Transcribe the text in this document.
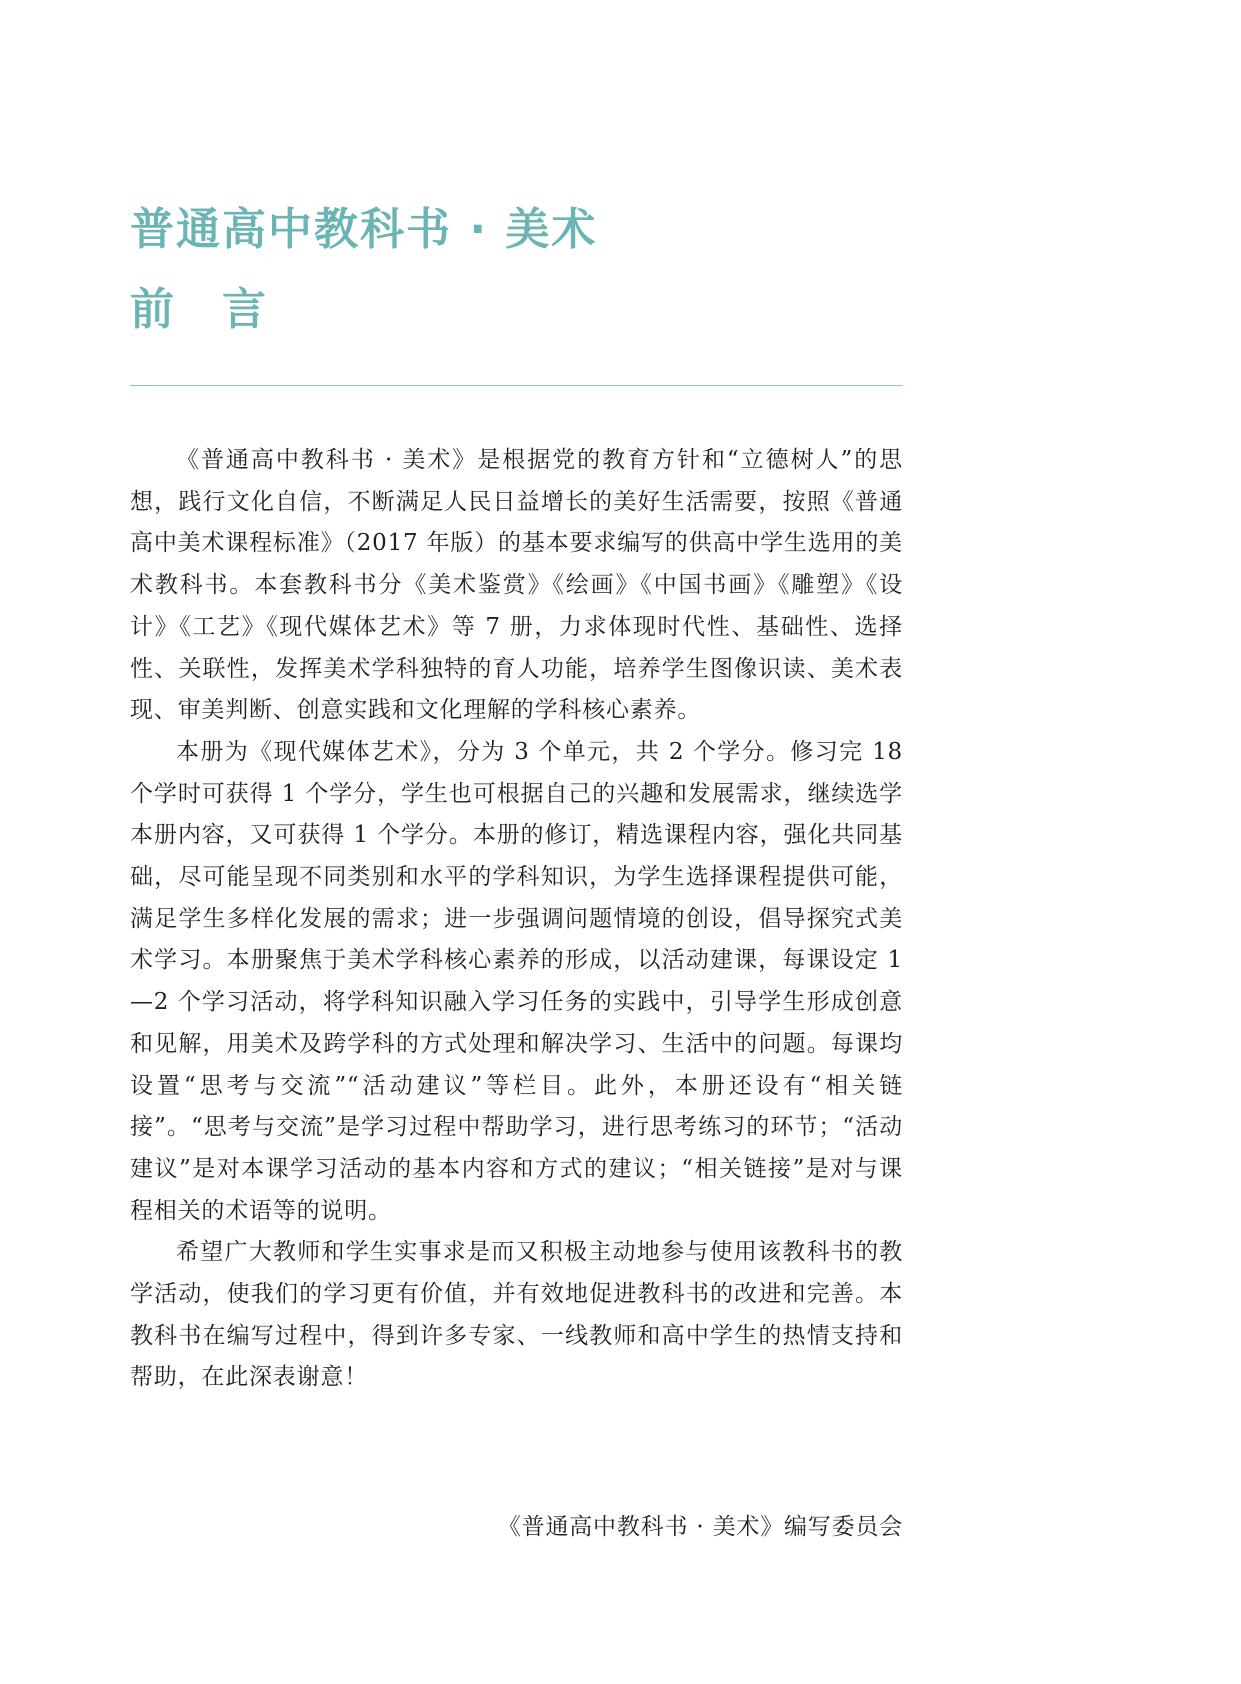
普通高中教科书 · 美术
前言

《普通高中教科书 · 美术》是根据党的教育方针和“立德树人”的思想，践行文化自信，不断满足人民日益增长的美好生活需要，按照《普通高中美术课程标准》（2017 年版）的基本要求编写的供高中学生选用的美术教科书。本套教科书分《美术鉴赏》《绘画》《中国书画》《雕塑》《设计》《工艺》《现代媒体艺术》等 7 册，力求体现时代性、基础性、选择性、关联性，发挥美术学科独特的育人功能，培养学生图像识读、美术表现、审美判断、创意实践和文化理解的学科核心素养。

本册为《现代媒体艺术》，分为 3 个单元，共 2 个学分。修习完 18 个学时可获得 1 个学分，学生也可根据自己的兴趣和发展需求，继续选学本册内容，又可获得 1 个学分。本册的修订，精选课程内容，强化共同基础，尽可能呈现不同类别和水平的学科知识，为学生选择课程提供可能，满足学生多样化发展的需求；进一步强调问题情境的创设，倡导探究式美术学习。本册聚焦于美术学科核心素养的形成，以活动建课，每课设定 1—2 个学习活动，将学科知识融入学习任务的实践中，引导学生形成创意和见解，用美术及跨学科的方式处理和解决学习、生活中的问题。每课均设置“思考与交流”“活动建议”等栏目。此外，本册还设有“相关链接”。“思考与交流”是学习过程中帮助学习，进行思考练习的环节；“活动建议”是对本课学习活动的基本内容和方式的建议；“相关链接”是对与课程相关的术语等的说明。

希望广大教师和学生实事求是而又积极主动地参与使用该教科书的教学活动，使我们的学习更有价值，并有效地促进教科书的改进和完善。本教科书在编写过程中，得到许多专家、一线教师和高中学生的热情支持和帮助，在此深表谢意！

《普通高中教科书 · 美术》编写委员会
